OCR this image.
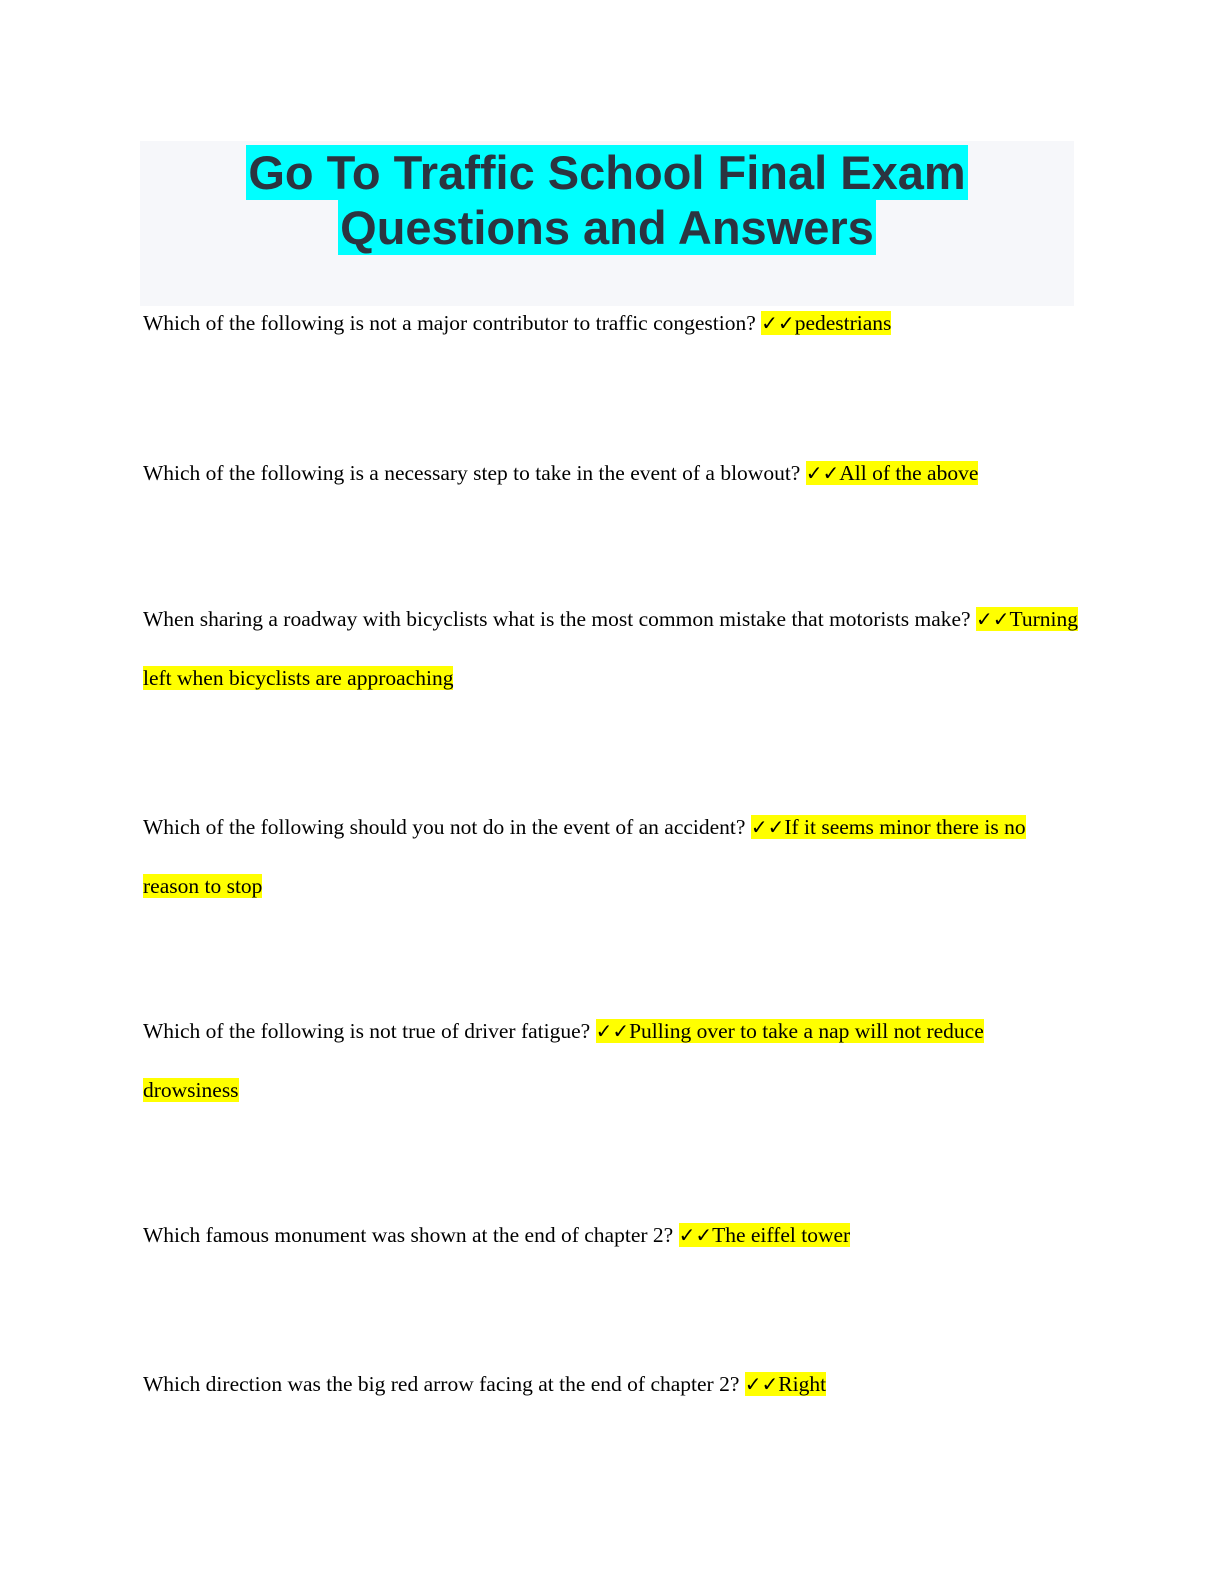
Go To Traffic School Final Exam
Questions and Answers

Which of the following is not a major contributor to traffic congestion? ✓✓pedestrians

Which of the following is a necessary step to take in the event of a blowout? ✓✓All of the above

When sharing a roadway with bicyclists what is the most common mistake that motorists make? ✓✓Turning left when bicyclists are approaching

Which of the following should you not do in the event of an accident? ✓✓If it seems minor there is no reason to stop

Which of the following is not true of driver fatigue? ✓✓Pulling over to take a nap will not reduce drowsiness

Which famous monument was shown at the end of chapter 2? ✓✓The eiffel tower

Which direction was the big red arrow facing at the end of chapter 2? ✓✓Right
